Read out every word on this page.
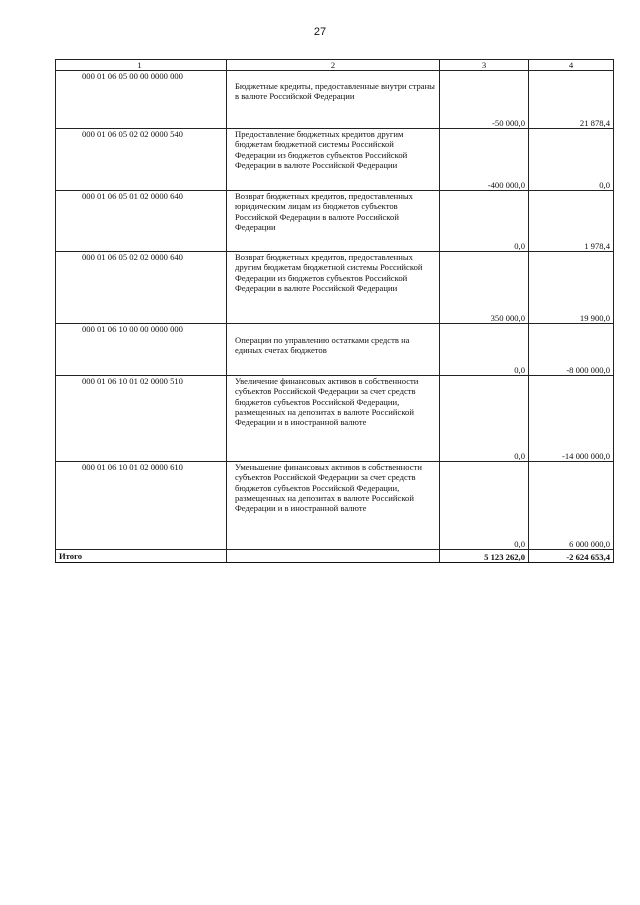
27
1	2	3	4
000 01 06 05 00 00 0000 000	Бюджетные кредиты, предоставленные внутри страны в валюте Российской Федерации	-50 000,0	21 878,4
000 01 06 05 02 02 0000 540	Предоставление бюджетных кредитов другим бюджетам бюджетной системы Российской Федерации из бюджетов субъектов Российской Федерации в валюте Российской Федерации	-400 000,0	0,0
000 01 06 05 01 02 0000 640	Возврат бюджетных кредитов, предоставленных юридическим лицам из бюджетов субъектов Российской Федерации в валюте Российской Федерации	0,0	1 978,4
000 01 06 05 02 02 0000 640	Возврат бюджетных кредитов, предоставленных другим бюджетам бюджетной системы Российской Федерации из бюджетов субъектов Российской Федерации в валюте Российской Федерации	350 000,0	19 900,0
000 01 06 10 00 00 0000 000	Операции по управлению остатками средств на единых счетах бюджетов	0,0	-8 000 000,0
000 01 06 10 01 02 0000 510	Увеличение финансовых активов в собственности субъектов Российской Федерации за счет средств бюджетов субъектов Российской Федерации, размещенных на депозитах в валюте Российской Федерации и в иностранной валюте	0,0	-14 000 000,0
000 01 06 10 01 02 0000 610	Уменьшение финансовых активов в собственности субъектов Российской Федерации за счет средств бюджетов субъектов Российской Федерации, размещенных на депозитах в валюте Российской Федерации и в иностранной валюте	0,0	6 000 000,0
Итого		5 123 262,0	-2 624 653,4
